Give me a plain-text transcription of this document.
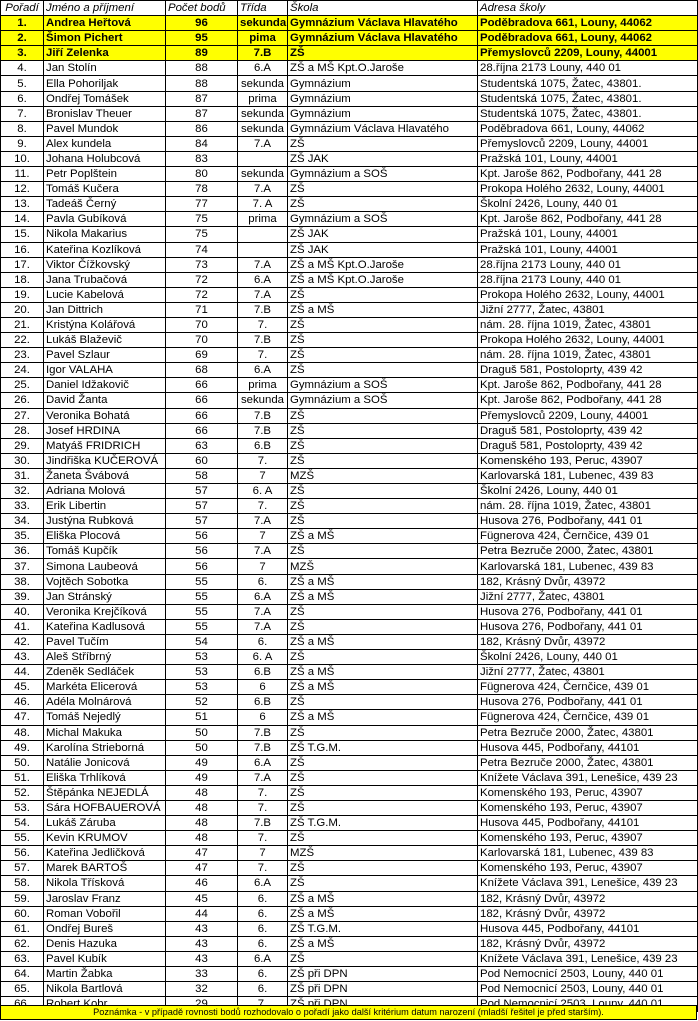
Pořadí	Jméno a příjmení	Počet bodů	Třída	Škola	Adresa školy
1.	Andrea Heřtová	96	sekunda	Gymnázium Václava Hlavatého	Poděbradova 661, Louny, 44062
2.	Šimon Pichert	95	pima	Gymnázium Václava Hlavatého	Poděbradova 661, Louny, 44062
3.	Jiří Zelenka	89	7.B	ZŠ	Přemyslovců 2209, Louny, 44001
4.	Jan Stolín	88	6.A	ZŠ a MŠ Kpt.O.Jaroše	28.října 2173 Louny, 440 01
5.	Ella Pohoriljak	88	sekunda	Gymnázium	Studentská 1075, Žatec, 43801.
6.	Ondřej Tomášek	87	prima	Gymnázium	Studentská 1075, Žatec, 43801.
7.	Bronislav Theuer	87	sekunda	Gymnázium	Studentská 1075, Žatec, 43801.
8.	Pavel Mundok	86	sekunda	Gymnázium Václava Hlavatého	Poděbradova 661, Louny, 44062
9.	Alex kundela	84	7.A	ZŠ	Přemyslovců 2209, Louny, 44001
10.	Johana Holubcová	83		ZŠ JAK	Pražská 101, Louny, 44001
11.	Petr Poplštein	80	sekunda	Gymnázium a SOŠ	Kpt. Jaroše 862, Podbořany, 441 28
12.	Tomáš Kučera	78	7.A	ZŠ	Prokopa Holého 2632, Louny, 44001
13.	Tadeáš Černý	77	7. A	ZŠ	Školní 2426, Louny, 440 01
14.	Pavla Gubíková	75	prima	Gymnázium a SOŠ	Kpt. Jaroše 862, Podbořany, 441 28
15.	Nikola Makarius	75		ZŠ JAK	Pražská 101, Louny, 44001
16.	Kateřina Kozlíková	74		ZŠ JAK	Pražská 101, Louny, 44001
17.	Viktor Čížkovský	73	7.A	ZŠ a MŠ Kpt.O.Jaroše	28.října 2173 Louny, 440 01
18.	Jana Trubačová	72	6.A	ZŠ a MŠ Kpt.O.Jaroše	28.října 2173 Louny, 440 01
19.	Lucie Kabelová	72	7.A	ZŠ	Prokopa Holého 2632, Louny, 44001
20.	Jan Dittrich	71	7.B	ZŠ a MŠ	Jižní 2777, Žatec, 43801
21.	Kristýna Kolářová	70	7.	ZŠ	nám. 28. října 1019, Žatec, 43801
22.	Lukáš Blaževič	70	7.B	ZŠ	Prokopa Holého 2632, Louny, 44001
23.	Pavel Szlaur	69	7.	ZŠ	nám. 28. října 1019, Žatec, 43801
24.	Igor VALAHA	68	6.A	ZŠ	Draguš 581, Postoloprty, 439 42
25.	Daniel Idžakovič	66	prima	Gymnázium a SOŠ	Kpt. Jaroše 862, Podbořany, 441 28
26.	David Žanta	66	sekunda	Gymnázium a SOŠ	Kpt. Jaroše 862, Podbořany, 441 28
27.	Veronika Bohatá	66	7.B	ZŠ	Přemyslovců 2209, Louny, 44001
28.	Josef HRDINA	66	7.B	ZŠ	Draguš 581, Postoloprty, 439 42
29.	Matyáš FRIDRICH	63	6.B	ZŠ	Draguš 581, Postoloprty, 439 42
30.	Jindřiška KUČEROVÁ	60	7.	ZŠ	Komenského 193, Peruc, 43907
31.	Žaneta Švábová	58	7	MZŠ	Karlovarská 181, Lubenec, 439 83
32.	Adriana Molová	57	6. A	ZŠ	Školní 2426, Louny, 440 01
33.	Erik Libertin	57	7.	ZŠ	nám. 28. října 1019, Žatec, 43801
34.	Justýna Rubková	57	7.A	ZŠ	Husova 276, Podbořany, 441 01
35.	Eliška Plocová	56	7	ZŠ a MŠ	Fügnerova 424, Černčice, 439 01
36.	Tomáš Kupčík	56	7.A	ZŠ	Petra Bezruče 2000, Žatec, 43801
37.	Simona Laubeová	56	7	MZŠ	Karlovarská 181, Lubenec, 439 83
38.	Vojtěch Sobotka	55	6.	ZŠ a MŠ	182, Krásný Dvůr, 43972
39.	Jan Stránský	55	6.A	ZŠ a MŠ	Jižní 2777, Žatec, 43801
40.	Veronika Krejčíková	55	7.A	ZŠ	Husova 276, Podbořany, 441 01
41.	Kateřina Kadlusová	55	7.A	ZŠ	Husova 276, Podbořany, 441 01
42.	Pavel Tučím	54	6.	ZŠ a MŠ	182, Krásný Dvůr, 43972
43.	Aleš Stříbrný	53	6. A	ZŠ	Školní 2426, Louny, 440 01
44.	Zdeněk Sedláček	53	6.B	ZŠ a MŠ	Jižní 2777, Žatec, 43801
45.	Markéta Elicerová	53	6	ZŠ a MŠ	Fügnerova 424, Černčice, 439 01
46.	Adéla Molnárová	52	6.B	ZŠ	Husova 276, Podbořany, 441 01
47.	Tomáš Nejedlý	51	6	ZŠ a MŠ	Fügnerova 424, Černčice, 439 01
48.	Michal Makuka	50	7.B	ZŠ	Petra Bezruče 2000, Žatec, 43801
49.	Karolína Strieborná	50	7.B	ZŠ T.G.M.	Husova 445, Podbořany, 44101
50.	Natálie Jonicová	49	6.A	ZŠ	Petra Bezruče 2000, Žatec, 43801
51.	Eliška Trhlíková	49	7.A	ZŠ	Knížete Václava 391, Lenešice, 439 23
52.	Štěpánka NEJEDLÁ	48	7.	ZŠ	Komenského 193, Peruc, 43907
53.	Sára HOFBAUEROVÁ	48	7.	ZŠ	Komenského 193, Peruc, 43907
54.	Lukáš Záruba	48	7.B	ZŠ T.G.M.	Husova 445, Podbořany, 44101
55.	Kevin KRUMOV	48	7.	ZŠ	Komenského 193, Peruc, 43907
56.	Kateřina Jedličková	47	7	MZŠ	Karlovarská 181, Lubenec, 439 83
57.	Marek BARTOŠ	47	7.	ZŠ	Komenského 193, Peruc, 43907
58.	Nikola Třísková	46	6.A	ZŠ	Knížete Václava 391, Lenešice, 439 23
59.	Jaroslav Franz	45	6.	ZŠ a MŠ	182, Krásný Dvůr, 43972
60.	Roman Vobořil	44	6.	ZŠ a MŠ	182, Krásný Dvůr, 43972
61.	Ondřej Bureš	43	6.	ZŠ T.G.M.	Husova 445, Podbořany, 44101
62.	Denis Hazuka	43	6.	ZŠ a MŠ	182, Krásný Dvůr, 43972
63.	Pavel Kubík	43	6.A	ZŠ	Knížete Václava 391, Lenešice, 439 23
64.	Martin Žabka	33	6.	ZŠ při DPN	Pod Nemocnicí 2503, Louny, 440 01
65.	Nikola Bartlová	32	6.	ZŠ při DPN	Pod Nemocnicí 2503, Louny, 440 01

Poznámka - v případě rovnosti bodů rozhodovalo o pořadí jako další kritérium datum narození (mladší řešitel je před starším).
